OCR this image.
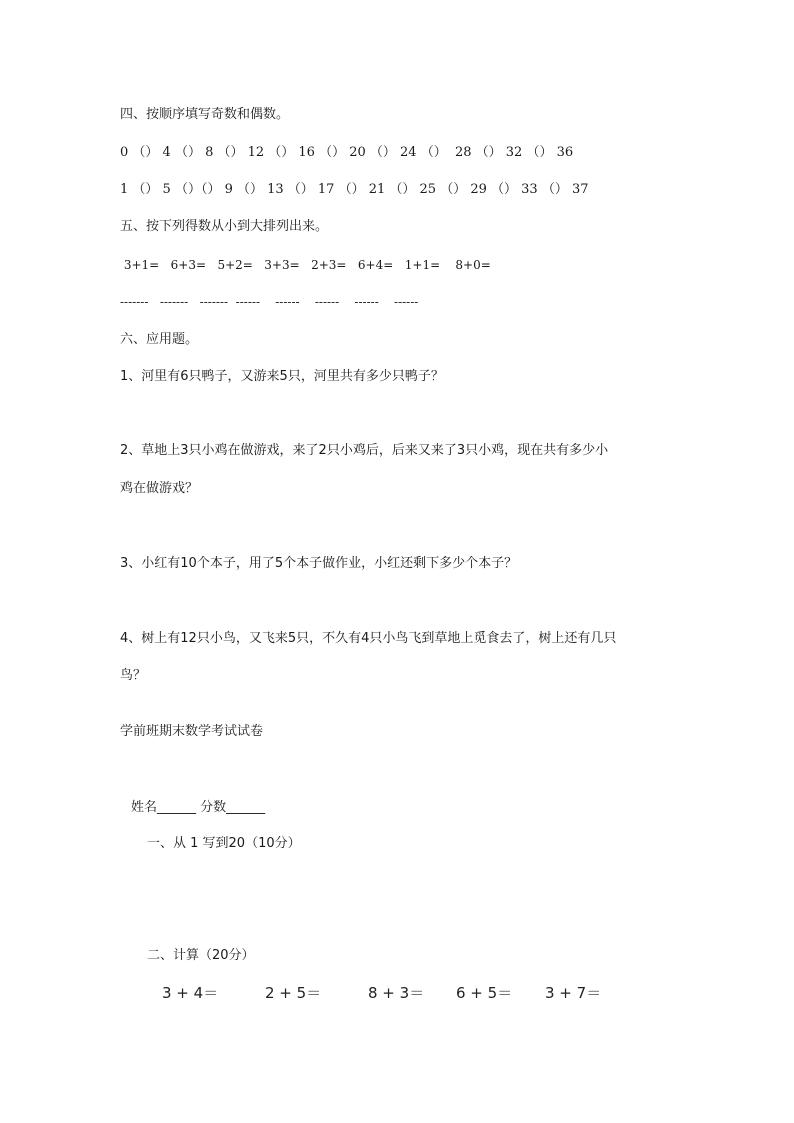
四、按顺序填写奇数和偶数。
0 （） 4 （） 8 （） 12 （） 16 （） 20 （） 24 （）  28 （） 32 （） 36
1 （） 5 （）（） 9 （） 13 （） 17 （） 21 （） 25 （） 29 （） 33 （） 37
五、按下列得数从小到大排列出来。
3+1=   6+3=   5+2=   3+3=   2+3=   6+4=   1+1=    8+0=
-------   -------   -------  ------    ------    ------    ------    ------
六、应用题。
1、河里有6只鸭子，又游来5只，河里共有多少只鸭子？
2、草地上3只小鸡在做游戏，来了2只小鸡后，后来又来了3只小鸡，现在共有多少小
鸡在做游戏？
3、小红有10个本子，用了5个本子做作业，小红还剩下多少个本子？
4、树上有12只小鸟，又飞来5只，不久有4只小鸟飞到草地上觅食去了，树上还有几只
鸟？
学前班期末数学考试试卷
姓名______ 分数______
一、从 1 写到20（10分）
二、计算（20分）
3 + 4＝	2 + 5＝	8 + 3＝ 6 + 5＝ 3 + 7＝
